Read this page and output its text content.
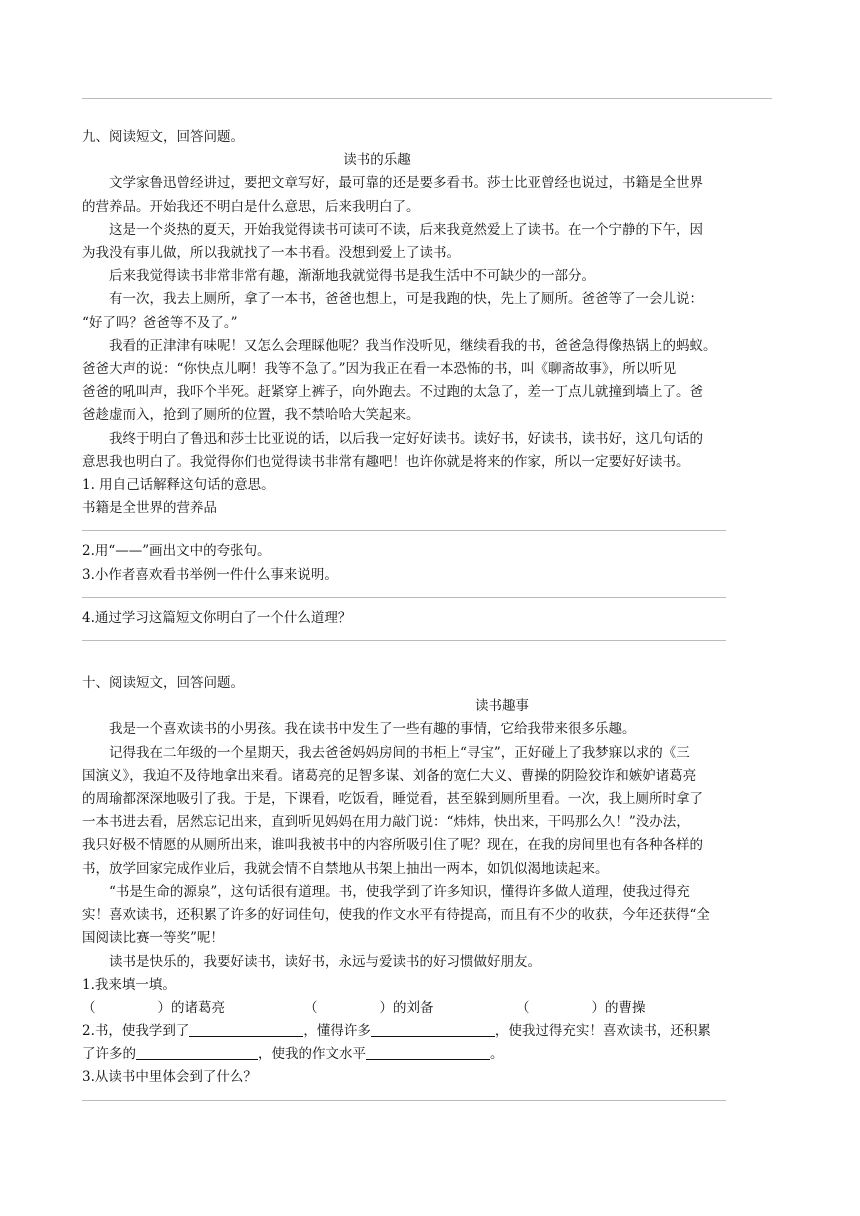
九、阅读短文，回答问题。
读书的乐趣
文学家鲁迅曾经讲过，要把文章写好，最可靠的还是要多看书。莎士比亚曾经也说过，书籍是全世界
的营养品。开始我还不明白是什么意思，后来我明白了。
这是一个炎热的夏天，开始我觉得读书可读可不读，后来我竟然爱上了读书。在一个宁静的下午，因
为我没有事儿做，所以我就找了一本书看。没想到爱上了读书。
后来我觉得读书非常非常有趣，渐渐地我就觉得书是我生活中不可缺少的一部分。
有一次，我去上厕所，拿了一本书，爸爸也想上，可是我跑的快，先上了厕所。爸爸等了一会儿说：
“好了吗？爸爸等不及了。”
我看的正津津有味呢！又怎么会理睬他呢？我当作没听见，继续看我的书，爸爸急得像热锅上的蚂蚁。
爸爸大声的说：“你快点儿啊！我等不急了。”因为我正在看一本恐怖的书，叫《聊斋故事》，所以听见
爸爸的吼叫声，我吓个半死。赶紧穿上裤子，向外跑去。不过跑的太急了，差一丁点儿就撞到墙上了。爸
爸趁虚而入，抢到了厕所的位置，我不禁哈哈大笑起来。
我终于明白了鲁迅和莎士比亚说的话，以后我一定好好读书。读好书，好读书，读书好，这几句话的
意思我也明白了。我觉得你们也觉得读书非常有趣吧！也许你就是将来的作家，所以一定要好好读书。
1. 用自己话解释这句话的意思。
书籍是全世界的营养品
2.用“——”画出文中的夸张句。
3.小作者喜欢看书举例一件什么事来说明。
4.通过学习这篇短文你明白了一个什么道理？
十、阅读短文，回答问题。
读书趣事
我是一个喜欢读书的小男孩。我在读书中发生了一些有趣的事情，它给我带来很多乐趣。
记得我在二年级的一个星期天，我去爸爸妈妈房间的书柜上“寻宝”，正好碰上了我梦寐以求的《三
国演义》，我迫不及待地拿出来看。诸葛亮的足智多谋、刘备的宽仁大义、曹操的阴险狡诈和嫉妒诸葛亮
的周瑜都深深地吸引了我。于是，下课看，吃饭看，睡觉看，甚至躲到厕所里看。一次，我上厕所时拿了
一本书进去看，居然忘记出来，直到听见妈妈在用力敲门说：“炜炜，快出来，干吗那么久！”没办法，
我只好极不情愿的从厕所出来，谁叫我被书中的内容所吸引住了呢？现在，在我的房间里也有各种各样的
书，放学回家完成作业后，我就会情不自禁地从书架上抽出一两本，如饥似渴地读起来。
“书是生命的源泉”，这句话很有道理。书，使我学到了许多知识，懂得许多做人道理，使我过得充
实！喜欢读书，还积累了许多的好词佳句，使我的作文水平有待提高，而且有不少的收获，今年还获得“全
国阅读比赛一等奖”呢！
读书是快乐的，我要好读书，读好书，永远与爱读书的好习惯做好朋友。
1.我来填一填。
（	）的诸葛亮	（	）的刘备	（	）的曹操
2.书，使我学到了	，懂得许多	，使我过得充实！喜欢读书，还积累
了许多的	，使我的作文水平	。
3.从读书中里体会到了什么？
